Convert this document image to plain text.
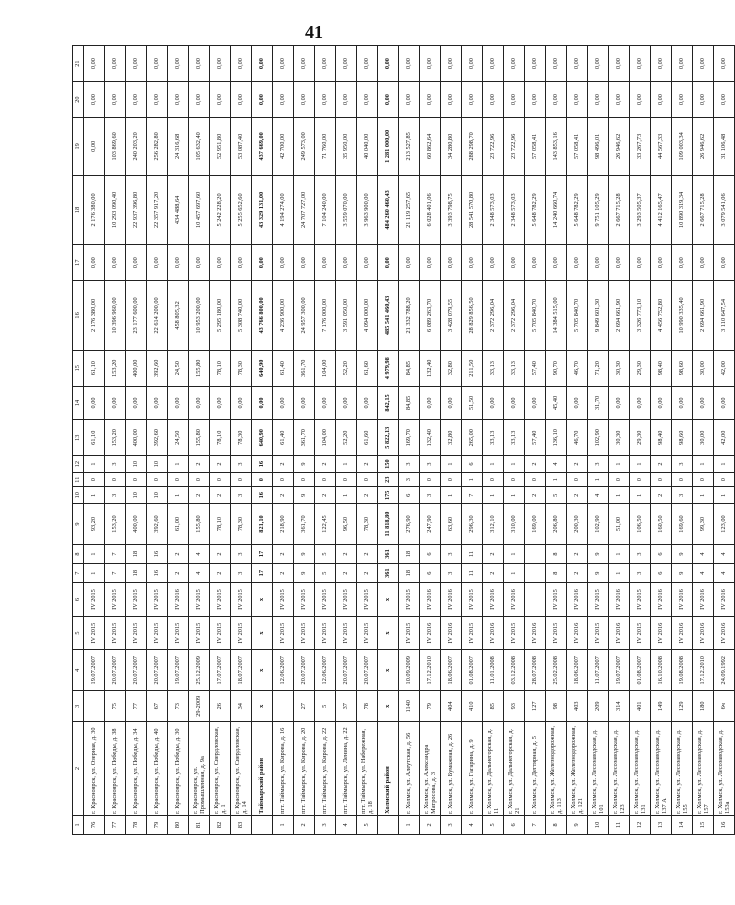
41
1	2	3	4	5	6	7	8	9	10	11	12	13	14	15	16	17	18	19	20	21
76	г. Красноярск, ул. Озерная, д. 30		19.07.2007	IV 2015	IV 2015	1	1	93,20	1	0	1	61,10	0,00	61,10	2 176 380,00	0,00	2 176 380,00	0,00	0,00	0,00
77	г. Красноярск, ул. Победы, д. 38	75	20.07.2007	IV 2015	IV 2015	7	7	153,20	3	0	3	153,20	0,00	153,20	10 396 960,00	0,00	10 293 090,40	103 869,60	0,00	0,00
78	г. Красноярск, ул. Победы, д. 34	77	20.07.2007	IV 2015	IV 2015	18	18	400,00	10	0	10	400,00	0,00	400,00	23 177 600,00	0,00	22 937 396,80	240 203,20	0,00	0,00
79	г. Красноярск, ул. Победы, д. 40	67	20.07.2007	IV 2015	IV 2015	16	16	392,60	10	0	10	392,60	0,00	392,60	22 614 200,00	0,00	22 357 917,20	256 282,80	0,00	0,00
80	г. Красноярск, ул. Победы, д. 30	73	19.07.2007	IV 2015	IV 2016	2	2	61,00	1	0	1	24,50	0,00	24,50	458 805,32	0,00	434 488,64	24 316,68	0,00	0,00
81	г. Красноярск, ул. Промышленная, д. 9а	29-2009	25.12.2009	IV 2015	IV 2015	4	4	155,80	2	0	2	155,80	0,00	155,80	10 953 200,00	0,00	10 457 697,60	105 632,40	0,00	0,00
82	г. Красноярск, ул. Свердловская, д. 1	26	17.07.2007	IV 2015	IV 2015	2	2	78,10	2	0	2	78,10	0,00	78,10	5 295 180,00	0,00	5 242 228,20	52 951,80	0,00	0,00
83	г. Красноярск, ул. Свердловская, д. 14	34	18.07.2007	IV 2015	IV 2015	3	3	78,30	3	0	3	78,30	0,00	78,30	5 308 740,00	0,00	5 255 652,60	53 087,40	0,00	0,00
	Таймырский район	x	x	x	x	17	17	821,10	16	0	16	640,90	0,00	640,90	43 766 800,00	0,00	43 329 131,00	437 669,00	0,00	0,00
1	пгт. Таймырск, ул. Кирова, д. 16		12.06.2007	IV 2015	IV 2015	2	2	218,90	2	0	2	61,40	0,00	61,40	4 236 900,00	0,00	4 194 274,00	42 700,00	0,00	0,00
2	пгт. Таймырск, ул. Кирова, д. 20	27	20.07.2007	IV 2015	IV 2015	9	9	361,70	9	0	9	361,70	0,00	361,70	24 957 300,00	0,00	24 707 727,00	249 573,00	0,00	0,00
3	пгт. Таймырск, ул. Кирова, д. 22	5	12.06.2007	IV 2015	IV 2015	5	5	122,45	2	0	2	104,00	0,00	104,00	7 176 000,00	0,00	7 104 240,00	71 760,00	0,00	0,00
4	пгт. Таймырск, ул. Ленина, д. 22	37	20.07.2007	IV 2015	IV 2015	2	2	96,50	1	0	1	52,20	0,00	52,20	3 591 050,00	0,00	3 559 070,00	35 950,00	0,00	0,00
5	пгт. Таймырск, ул. Набережная, д. 18	78	20.07.2007	IV 2015	IV 2015	2	2	78,30	2	0	2	61,60	0,00	61,60	4 094 000,00	0,00	3 963 900,00	40 040,00	0,00	0,00
	Холмский район	x	x	x	x	361	361	11 818,80	175	23	150	5 822,13	842,15	4 979,98	485 541 460,43	0,00	484 260 460,43	1 281 000,00	0,00	0,00
1	г. Холмск, ул. Алеутская, д. 56	1140	10.09.2009	IV 2015	IV 2015	18	18	276,90	6	3	3	169,70	84,85	84,85	21 332 788,20	0,00	21 119 257,65	213 527,85	0,00	0,00
2	г. Холмск, ул. Александра Матросова, д. 3	79	17.12.2010	IV 2016	IV 2016	6	6	247,90	3	0	3	132,40	0,00	132,40	6 089 263,70	0,00	6 028 401,06	60 862,64	0,00	0,00
3	г. Холмск, ул. Бумажная, д. 26	404	18.06.2007	IV 2016	IV 2016	3	3	63,60	1	0	1	32,80	0,00	32,80	3 428 079,55	0,00	3 393 798,75	34 280,80	0,00	0,00
4	г. Холмск, ул. Гагарина, д. 9	410	01.08.2007	IV 2015	IV 2015	11	11	296,30	7	1	6	265,00	51,50	211,50	28 829 856,50	0,00	28 541 570,80	288 298,70	0,00	0,00
5	г. Холмск, ул. Дальнегорская, д. 11	85	11.01.2008	IV 2016	IV 2016	2	2	312,10	1	0	1	33,13	0,00	33,13	2 372 296,04	0,00	2 348 573,03	23 722,96	0,00	0,00
6	г. Холмск, ул. Дальнегорская, д. 21	93	03.12.2008	IV 2015	IV 2016	1	1	310,00	1	0	1	33,13	0,00	33,13	2 372 296,04	0,00	2 348 573,03	23 722,96	0,00	0,00
7	г. Холмск, ул. Дегтярная, д. 5	127	28.07.2008	IV 2016				169,00	2	0	2	57,40	0,00	57,40	5 705 840,70	0,00	5 648 782,29	57 058,41	0,00	0,00
8	г. Холмск, ул. Железнодорожная, д. 113	98	25.02.2008	IV 2015	IV 2015	8	8	206,80	5	1	4	136,10	45,40	90,70	14 384 515,00	0,00	14 240 660,74	143 853,16	0,00	0,00
9	г. Холмск, ул. Железнодорожная, д. 121	403	18.06.2007	IV 2016	IV 2016	2	2	200,30	2	0	2	46,70	0,00	46,70	5 705 840,70	0,00	5 648 782,29	57 058,41	0,00	0,00
10	г. Холмск, ул. Лесозаводская, д. 101	209	11.07.2007	IV 2015	IV 2015	9	9	102,90	4	1	3	102,90	31,70	71,20	9 849 601,30	0,00	9 751 105,29	98 496,01	0,00	0,00
11	г. Холмск, ул. Лесозаводская, д. 123	314	19.07.2007	IV 2016	IV 2016	1	1	51,00	1	0	1	30,30	0,00	30,30	2 694 661,90	0,00	2 667 715,28	26 946,62	0,00	0,00
12	г. Холмск, ул. Лесозаводская, д. 131	401	01.08.2007	IV 2015	IV 2015	3	3	106,50	1	0	1	29,30	0,00	29,30	3 326 773,10	0,00	3 293 505,37	33 267,73	0,00	0,00
13	г. Холмск, ул. Лесозаводская, д. 137 А	149	16.10.2008	IV 2016	IV 2016	6	6	160,50	2	0	2	98,40	0,00	98,40	4 456 752,80	0,00	4 412 165,47	44 567,33	0,00	0,00
14	г. Холмск, ул. Лесозаводская, д. 155	129	19.08.2008	IV 2016	IV 2016	9	9	169,60	3	0	3	98,60	0,00	98,60	10 990 335,40	0,00	10 890 319,34	109 003,34	0,00	0,00
15	г. Холмск, ул. Лесозаводская, д. 157	180	17.12.2010	IV 2016	IV 2016	4	4	99,30	1	0	1	30,00	0,00	30,00	2 694 661,90	0,00	2 667 715,28	26 946,62	0,00	0,00
16	г. Холмск, ул. Лесозаводская, д. 153а	6ч	24.09.1992	IV 2016	IV 2016	4	4	123,00	1	0	1	42,00	0,00	42,00	3 110 647,54	0,00	3 079 541,06	31 106,48	0,00	0,00
